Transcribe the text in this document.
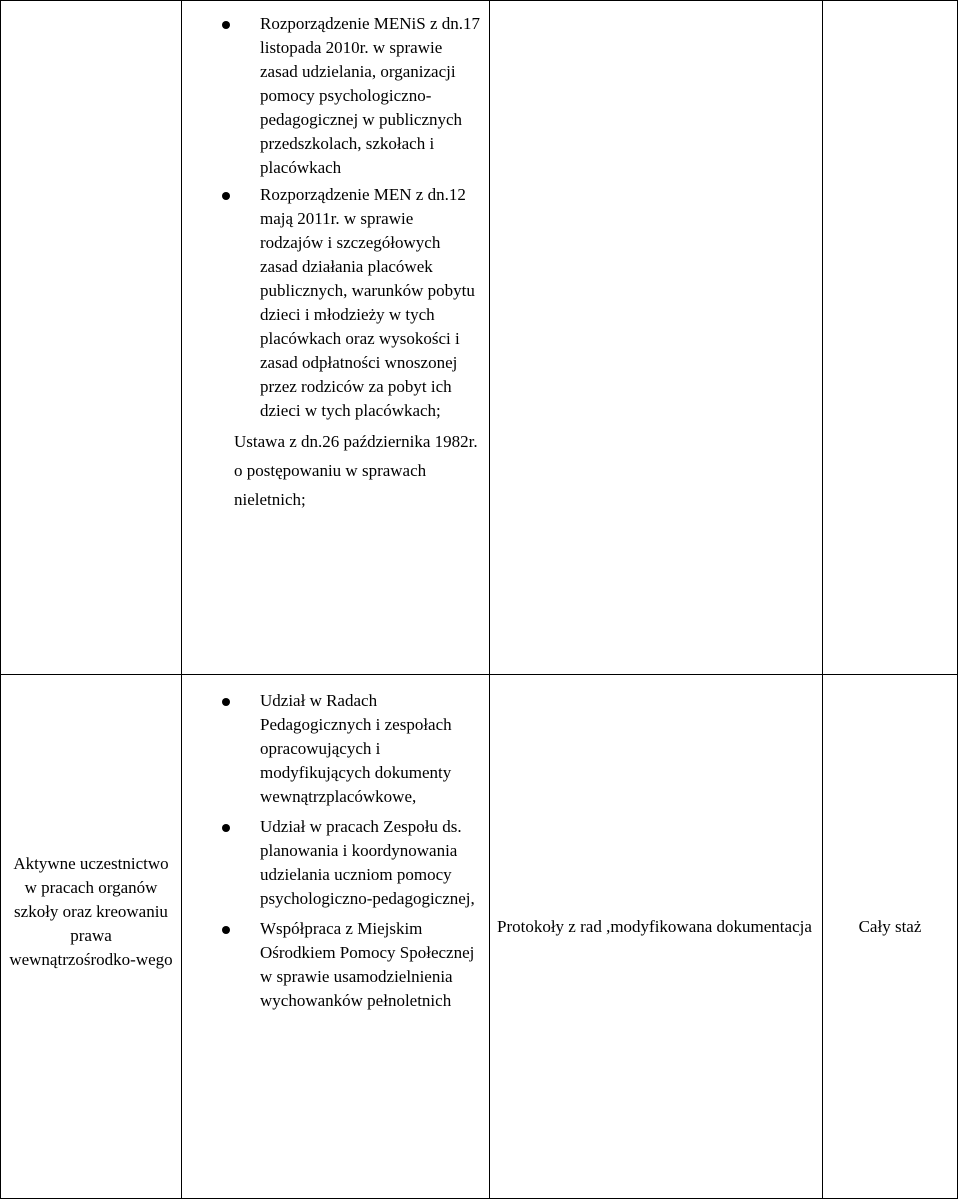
Rozporządzenie MENiS z dn.17 listopada 2010r. w sprawie zasad udzielania, organizacji pomocy psychologiczno-pedagogicznej w publicznych przedszkolach, szkołach i placówkach
Rozporządzenie MEN z dn.12 mają 2011r. w sprawie rodzajów i szczegółowych zasad działania placówek publicznych, warunków pobytu dzieci i młodzieży w tych placówkach oraz wysokości i zasad odpłatności wnoszonej przez rodziców za pobyt ich dzieci w tych placówkach;
Ustawa z dn.26 października 1982r. o postępowaniu w sprawach nieletnich;
Aktywne uczestnictwo w pracach organów szkoły oraz kreowaniu prawa wewnątrzośrodko-wego
Udział w Radach Pedagogicznych i zespołach opracowujących i modyfikujących dokumenty wewnątrzplacówkowe,
Udział w pracach Zespołu ds. planowania i koordynowania udzielania uczniom pomocy psychologiczno-pedagogicznej,
Współpraca z Miejskim Ośrodkiem Pomocy Społecznej w sprawie usamodzielnienia wychowanków pełnoletnich
Protokoły z rad ,modyfikowana dokumentacja	Cały staż
